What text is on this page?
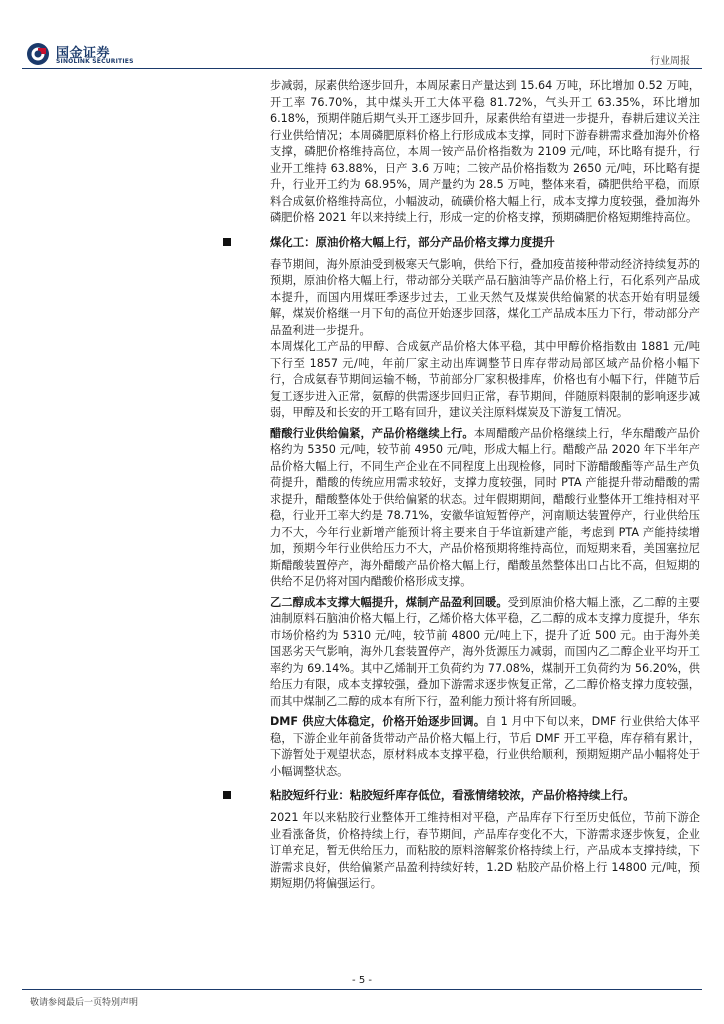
国金证券
SINOLINK SECURITIES	行业周报

步减弱，尿素供给逐步回升，本周尿素日产量达到 15.64 万吨，环比增加 0.52 万吨，开工率 76.70%，其中煤头开工大体平稳 81.72%，气头开工 63.35%，环比增加 6.18%，预期伴随后期气头开工逐步回升，尿素供给有望进一步提升，春耕后建议关注行业供给情况；本周磷肥原料价格上行形成成本支撑，同时下游春耕需求叠加海外价格支撑，磷肥价格维持高位，本周一铵产品价格指数为 2109 元/吨，环比略有提升，行业开工维持 63.88%，日产 3.6 万吨；二铵产品价格指数为 2650 元/吨，环比略有提升，行业开工约为 68.95%，周产量约为 28.5 万吨，整体来看，磷肥供给平稳，而原料合成氨价格维持高位，小幅波动，硫磺价格大幅上行，成本支撑力度较强，叠加海外磷肥价格 2021 年以来持续上行，形成一定的价格支撑，预期磷肥价格短期维持高位。

煤化工：原油价格大幅上行，部分产品价格支撑力度提升

春节期间，海外原油受到极寒天气影响，供给下行，叠加疫苗接种带动经济持续复苏的预期，原油价格大幅上行，带动部分关联产品石脑油等产品价格上行，石化系列产品成本提升，而国内用煤旺季逐步过去，工业天然气及煤炭供给偏紧的状态开始有明显缓解，煤炭价格继一月下旬的高位开始逐步回落，煤化工产品成本压力下行，带动部分产品盈利进一步提升。

本周煤化工产品的甲醇、合成氨产品价格大体平稳，其中甲醇价格指数由 1881 元/吨下行至 1857 元/吨，年前厂家主动出库调整节日库存带动局部区域产品价格小幅下行，合成氨春节期间运输不畅，节前部分厂家积极排库，价格也有小幅下行，伴随节后复工逐步进入正常，氨醇的供需逐步回归正常，春节期间，伴随原料限制的影响逐步减弱，甲醇及和长安的开工略有回升，建议关注原料煤炭及下游复工情况。

醋酸行业供给偏紧，产品价格继续上行。本周醋酸产品价格继续上行，华东醋酸产品价格约为 5350 元/吨，较节前 4950 元/吨，形成大幅上行。醋酸产品 2020 年下半年产品价格大幅上行，不同生产企业在不同程度上出现检修，同时下游醋酸酯等产品生产负荷提升，醋酸的传统应用需求较好，支撑力度较强，同时 PTA 产能提升带动醋酸的需求提升，醋酸整体处于供给偏紧的状态。过年假期期间，醋酸行业整体开工维持相对平稳，行业开工率大约是 78.71%，安徽华谊短暂停产，河南顺达装置停产，行业供给压力不大，今年行业新增产能预计将主要来自于华谊新建产能，考虑到 PTA 产能持续增加，预期今年行业供给压力不大，产品价格预期将维持高位，而短期来看，美国塞拉尼斯醋酸装置停产，海外醋酸产品价格大幅上行，醋酸虽然整体出口占比不高，但短期的供给不足仍将对国内醋酸价格形成支撑。

乙二醇成本支撑大幅提升，煤制产品盈利回暖。受到原油价格大幅上涨，乙二醇的主要油制原料石脑油价格大幅上行，乙烯价格大体平稳，乙二醇的成本支撑力度提升，华东市场价格约为 5310 元/吨，较节前 4800 元/吨上下，提升了近 500 元。由于海外美国恶劣天气影响，海外几套装置停产，海外货源压力减弱，而国内乙二醇企业平均开工率约为 69.14%。其中乙烯制开工负荷约为 77.08%，煤制开工负荷约为 56.20%，供给压力有限，成本支撑较强，叠加下游需求逐步恢复正常，乙二醇价格支撑力度较强，而其中煤制乙二醇的成本有所下行，盈利能力预计将有所回暖。

DMF 供应大体稳定，价格开始逐步回调。自 1 月中下旬以来，DMF 行业供给大体平稳，下游企业年前备货带动产品价格大幅上行，节后 DMF 开工平稳，库存稍有累计，下游暂处于观望状态，原材料成本支撑平稳，行业供给顺利，预期短期产品小幅将处于小幅调整状态。

粘胶短纤行业：粘胶短纤库存低位，看涨情绪较浓，产品价格持续上行。

2021 年以来粘胶行业整体开工维持相对平稳，产品库存下行至历史低位，节前下游企业看涨备货，价格持续上行，春节期间，产品库存变化不大，下游需求逐步恢复，企业订单充足，暂无供给压力，而粘胶的原料溶解浆价格持续上行，产品成本支撑持续，下游需求良好，供给偏紧产品盈利持续好转，1.2D 粘胶产品价格上行 14800 元/吨，预期短期仍将偏强运行。

- 5 -
敬请参阅最后一页特别声明
